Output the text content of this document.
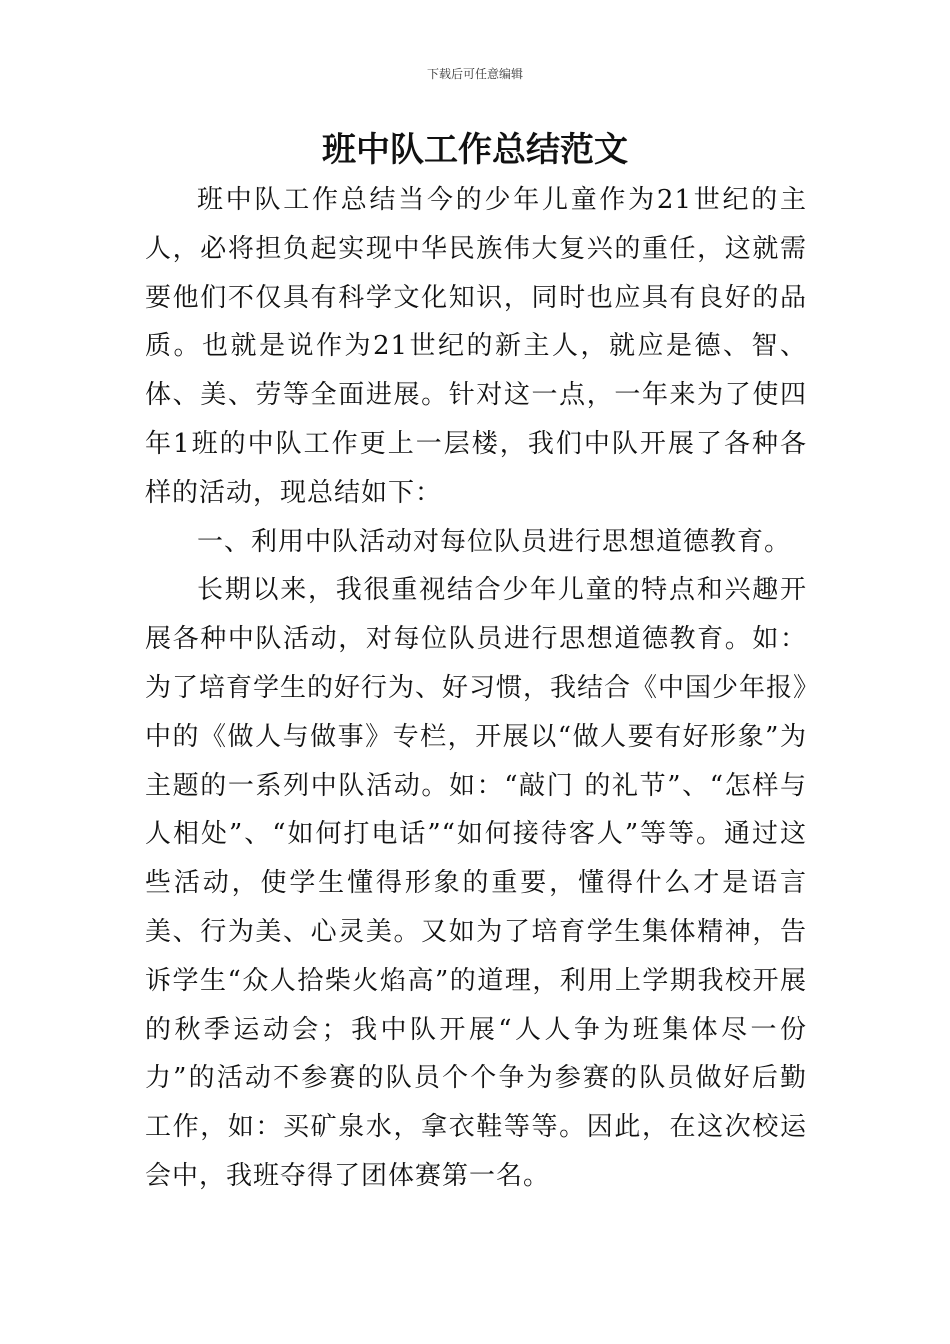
下载后可任意编辑
班中队工作总结范文

班中队工作总结当今的少年儿童作为21世纪的主人，必将担负起实现中华民族伟大复兴的重任，这就需要他们不仅具有科学文化知识，同时也应具有良好的品质。也就是说作为21世纪的新主人，就应是德、智、体、美、劳等全面进展。针对这一点，一年来为了使四年1班的中队工作更上一层楼，我们中队开展了各种各样的活动，现总结如下：

一、利用中队活动对每位队员进行思想道德教育。

长期以来，我很重视结合少年儿童的特点和兴趣开展各种中队活动，对每位队员进行思想道德教育。如：为了培育学生的好行为、好习惯，我结合《中国少年报》中的《做人与做事》专栏，开展以“做人要有好形象”为主题的一系列中队活动。如：“敲门 的礼节”、“怎样与人相处”、“如何打电话”“如何接待客人”等等。通过这些活动，使学生懂得形象的重要，懂得什么才是语言美、行为美、心灵美。又如为了培育学生集体精神，告诉学生“众人拾柴火焰高”的道理，利用上学期我校开展的秋季运动会；我中队开展“人人争为班集体尽一份力”的活动不参赛的队员个个争为参赛的队员做好后勤工作，如：买矿泉水，拿衣鞋等等。因此，在这次校运会中，我班夺得了团体赛第一名。
